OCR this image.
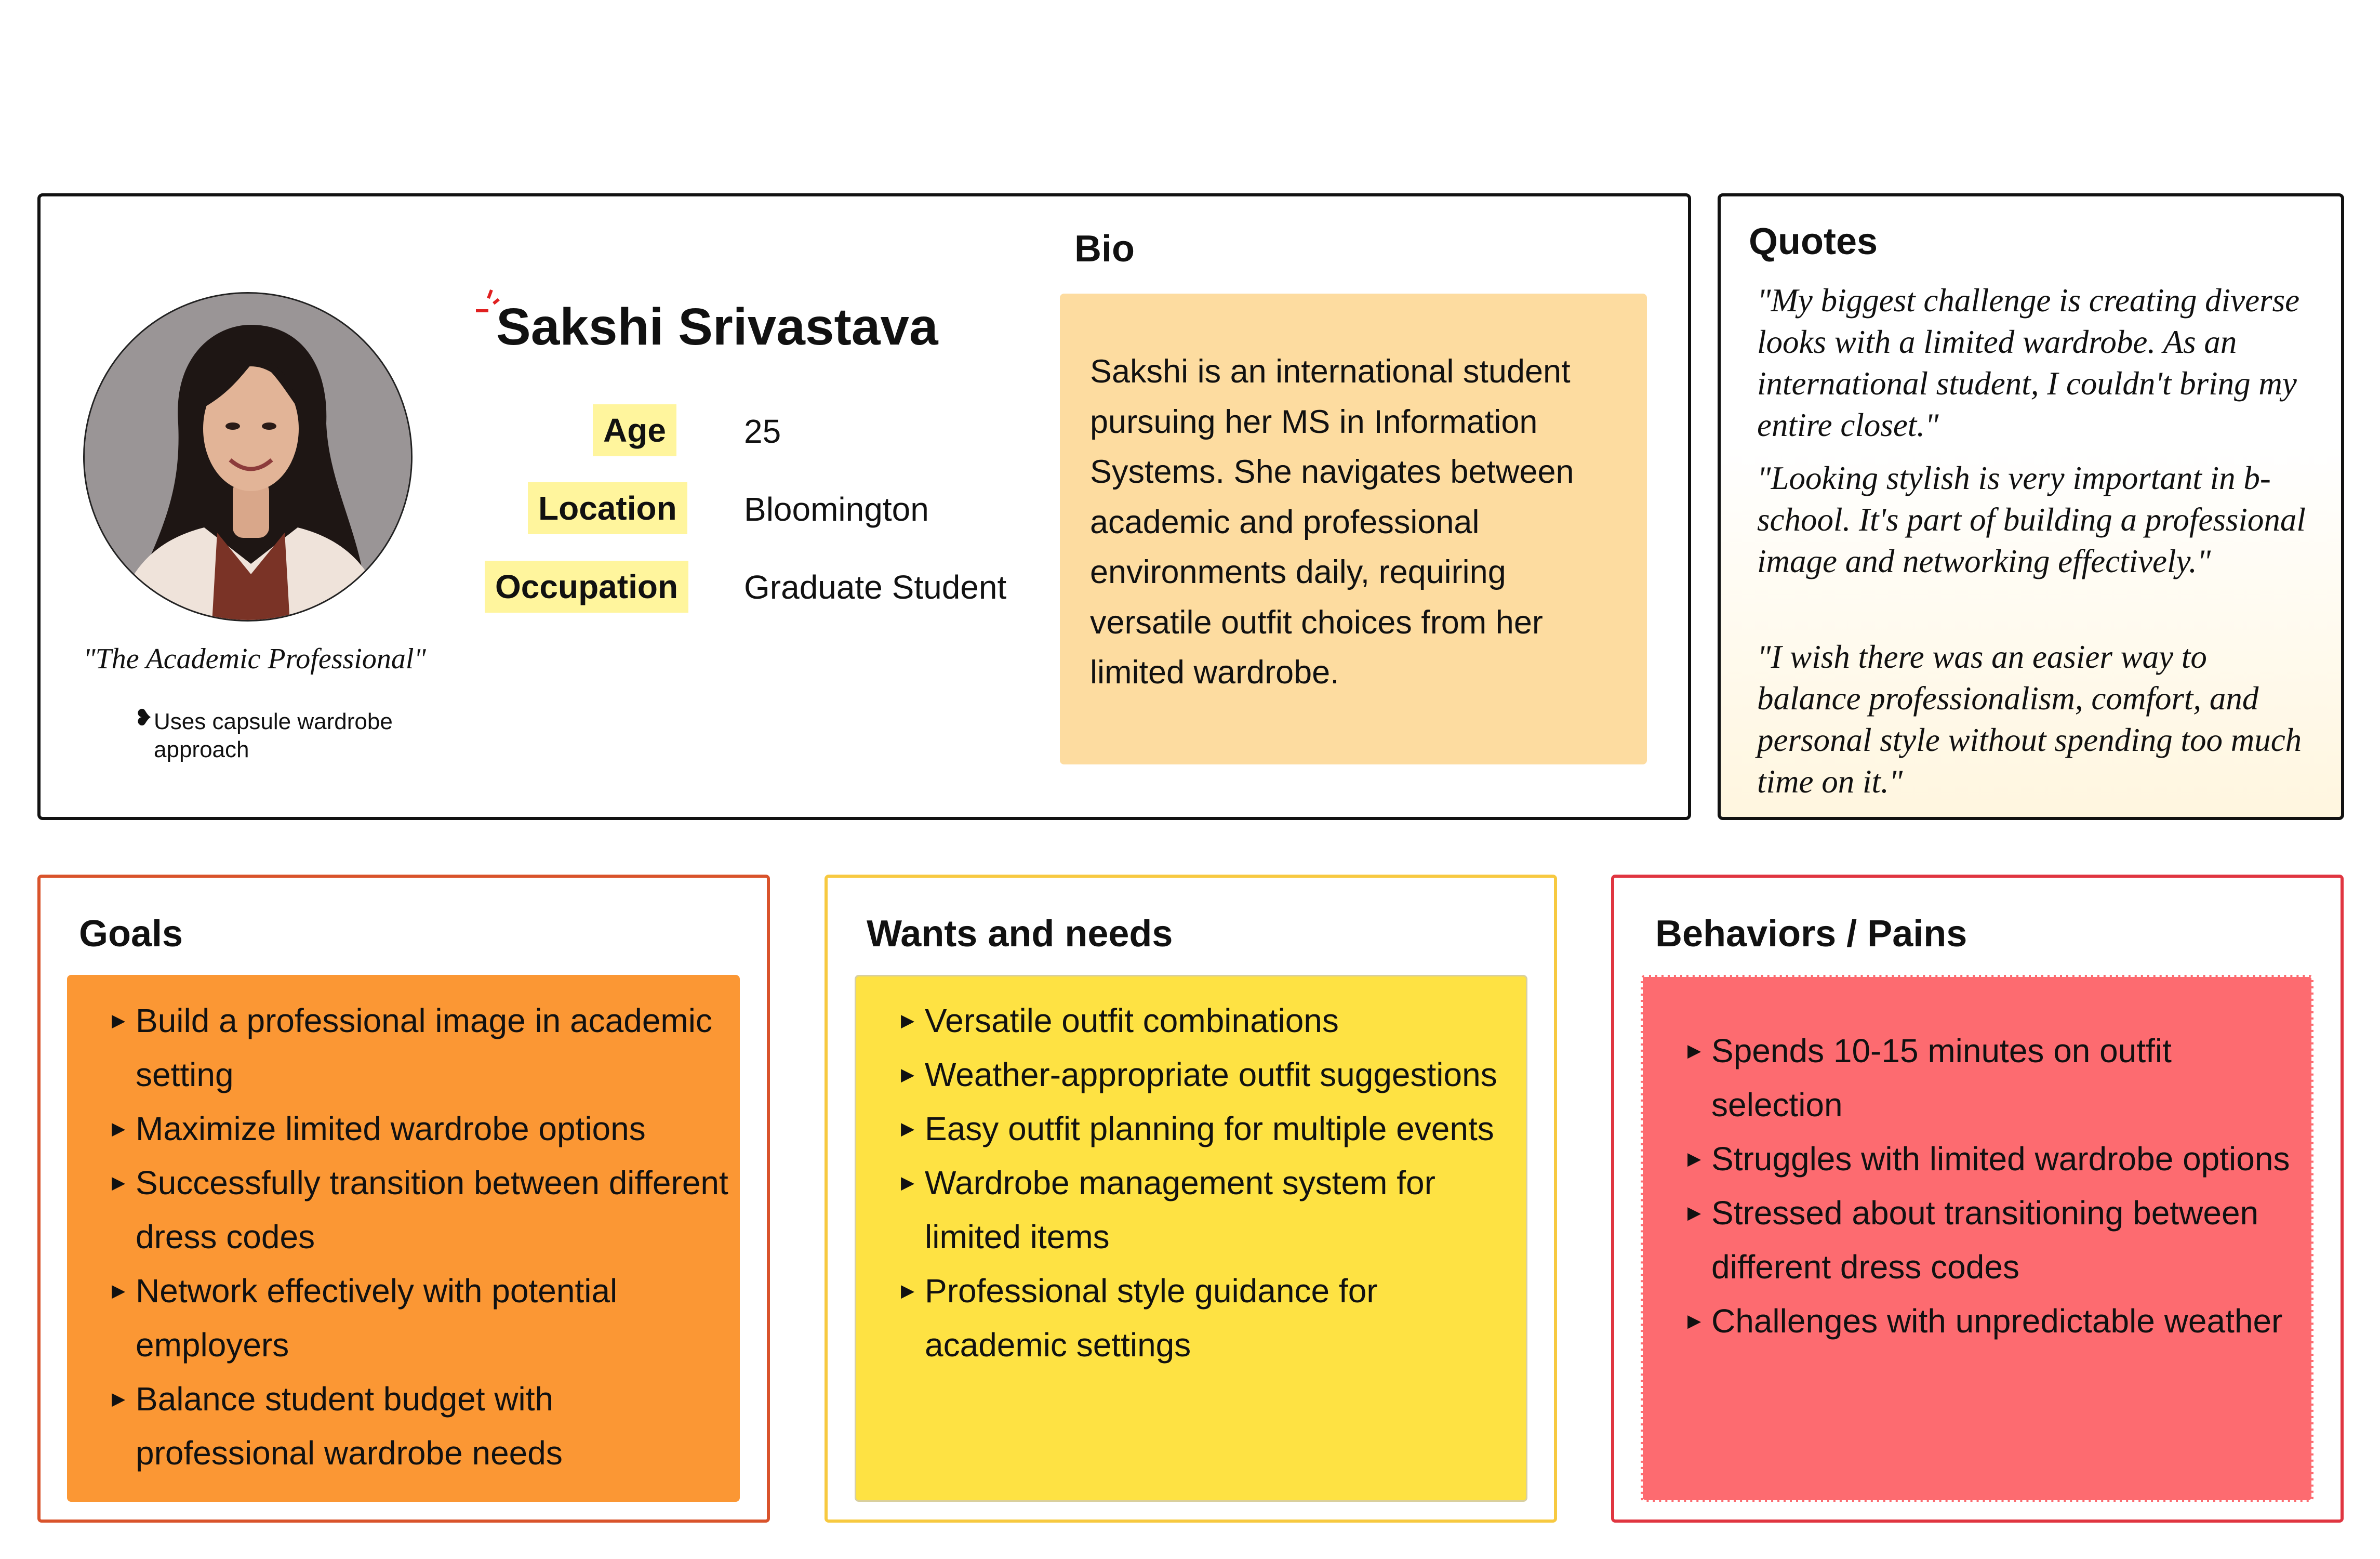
"The Academic Professional"
❥ Uses capsule wardrobe approach
Sakshi Srivastava
Age	25
Location	Bloomington
Occupation	Graduate Student
Bio
Sakshi is an international student pursuing her MS in Information Systems. She navigates between academic and professional environments daily, requiring versatile outfit choices from her limited wardrobe.
Quotes
"My biggest challenge is creating diverse looks with a limited wardrobe. As an international student, I couldn't bring my entire closet."
"Looking stylish is very important in b-school. It's part of building a professional image and networking effectively."
"I wish there was an easier way to balance professionalism, comfort, and personal style without spending too much time on it."
Goals
▶ Build a professional image in academic setting
▶ Maximize limited wardrobe options
▶ Successfully transition between different dress codes
▶ Network effectively with potential employers
▶ Balance student budget with professional wardrobe needs
Wants and needs
▶ Versatile outfit combinations
▶ Weather-appropriate outfit suggestions
▶ Easy outfit planning for multiple events
▶ Wardrobe management system for limited items
▶ Professional style guidance for academic settings
Behaviors / Pains
▶ Spends 10-15 minutes on outfit selection
▶ Struggles with limited wardrobe options
▶ Stressed about transitioning between different dress codes
▶ Challenges with unpredictable weather
